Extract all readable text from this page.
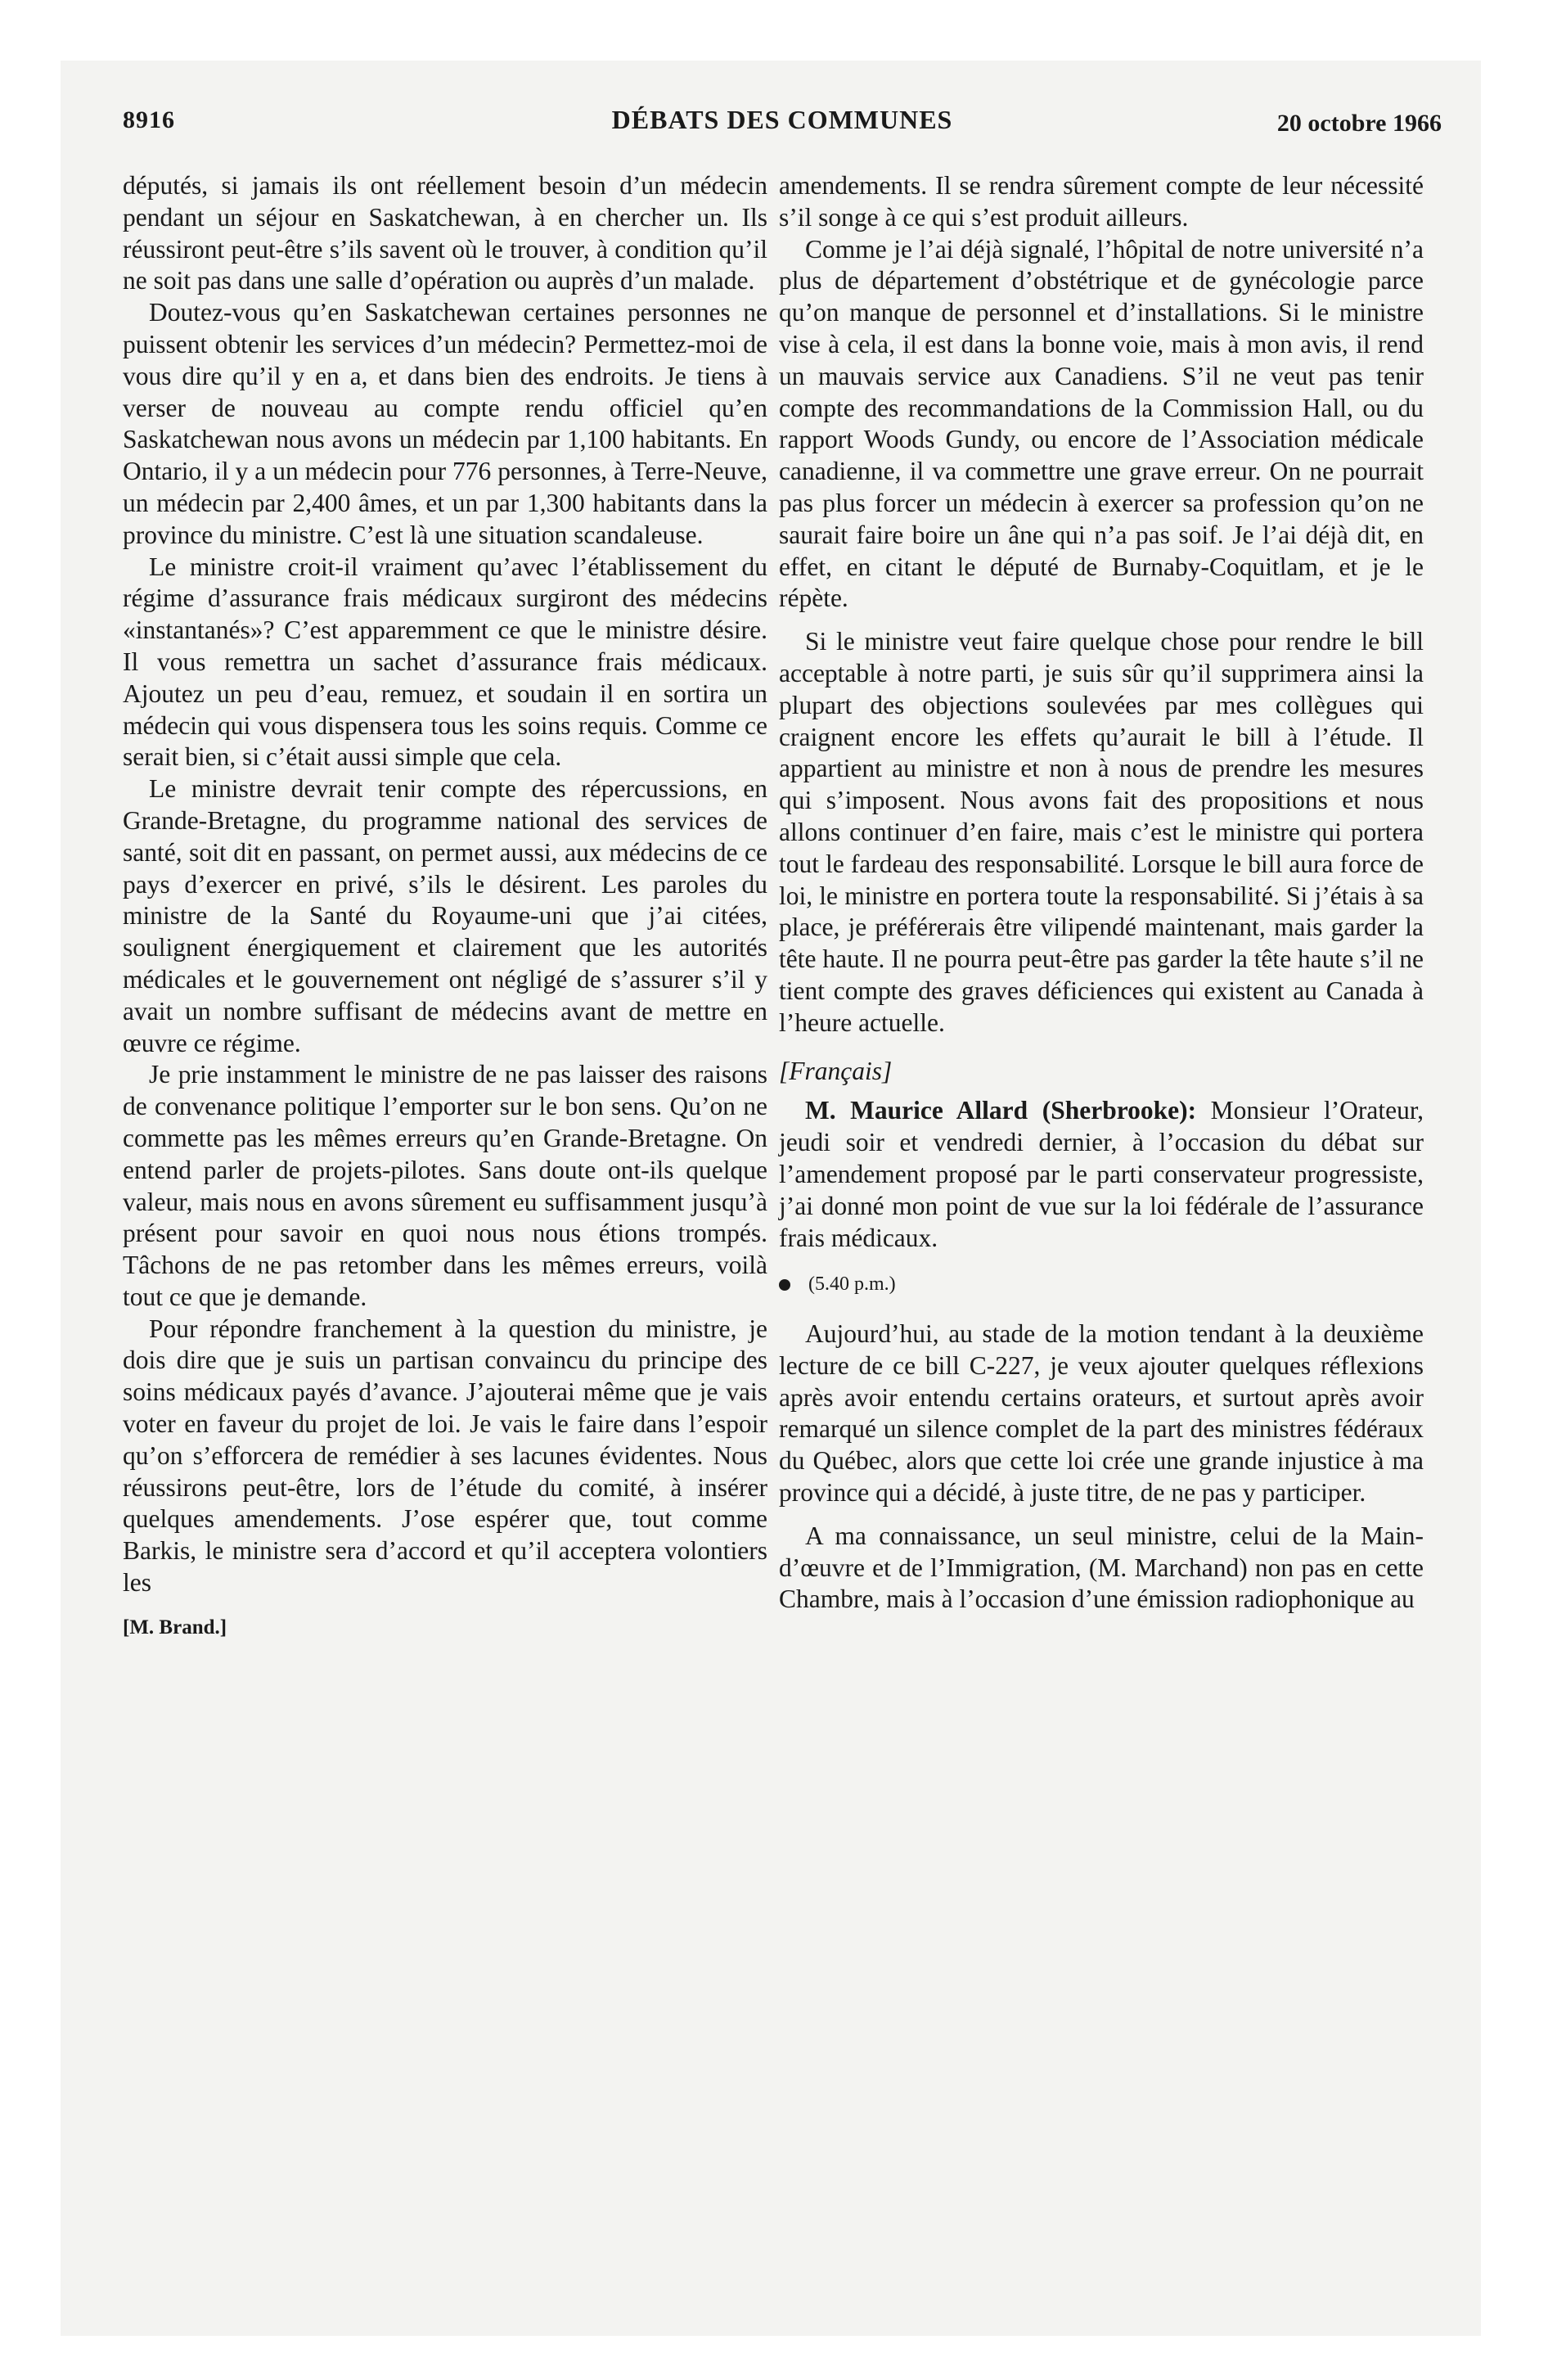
8916	DÉBATS DES COMMUNES	20 octobre 1966

députés, si jamais ils ont réellement besoin d’un médecin pendant un séjour en Saskatchewan, à en chercher un. Ils réussiront peut-être s’ils savent où le trouver, à condition qu’il ne soit pas dans une salle d’opération ou auprès d’un malade.

Doutez-vous qu’en Saskatchewan certaines personnes ne puissent obtenir les services d’un médecin? Permettez-moi de vous dire qu’il y en a, et dans bien des endroits. Je tiens à verser de nouveau au compte rendu officiel qu’en Saskatchewan nous avons un médecin par 1,100 habitants. En Ontario, il y a un médecin pour 776 personnes, à Terre-Neuve, un médecin par 2,400 âmes, et un par 1,300 habitants dans la province du ministre. C’est là une situation scandaleuse.

Le ministre croit-il vraiment qu’avec l’établissement du régime d’assurance frais médicaux surgiront des médecins «instantanés»? C’est apparemment ce que le ministre désire. Il vous remettra un sachet d’assurance frais médicaux. Ajoutez un peu d’eau, remuez, et soudain il en sortira un médecin qui vous dispensera tous les soins requis. Comme ce serait bien, si c’était aussi simple que cela.

Le ministre devrait tenir compte des répercussions, en Grande-Bretagne, du programme national des services de santé, soit dit en passant, on permet aussi, aux médecins de ce pays d’exercer en privé, s’ils le désirent. Les paroles du ministre de la Santé du Royaume-uni que j’ai citées, soulignent énergiquement et clairement que les autorités médicales et le gouvernement ont négligé de s’assurer s’il y avait un nombre suffisant de médecins avant de mettre en œuvre ce régime.

Je prie instamment le ministre de ne pas laisser des raisons de convenance politique l’emporter sur le bon sens. Qu’on ne commette pas les mêmes erreurs qu’en Grande-Bretagne. On entend parler de projets-pilotes. Sans doute ont-ils quelque valeur, mais nous en avons sûrement eu suffisamment jusqu’à présent pour savoir en quoi nous nous étions trompés. Tâchons de ne pas retomber dans les mêmes erreurs, voilà tout ce que je demande.

Pour répondre franchement à la question du ministre, je dois dire que je suis un partisan convaincu du principe des soins médicaux payés d’avance. J’ajouterai même que je vais voter en faveur du projet de loi. Je vais le faire dans l’espoir qu’on s’efforcera de remédier à ses lacunes évidentes. Nous réussirons peut-être, lors de l’étude du comité, à insérer quelques amendements. J’ose espérer que, tout comme Barkis, le ministre sera d’accord et qu’il acceptera volontiers les

[M. Brand.]

amendements. Il se rendra sûrement compte de leur nécessité s’il songe à ce qui s’est produit ailleurs.

Comme je l’ai déjà signalé, l’hôpital de notre université n’a plus de département d’obstétrique et de gynécologie parce qu’on manque de personnel et d’installations. Si le ministre vise à cela, il est dans la bonne voie, mais à mon avis, il rend un mauvais service aux Canadiens. S’il ne veut pas tenir compte des recommandations de la Commission Hall, ou du rapport Woods Gundy, ou encore de l’Association médicale canadienne, il va commettre une grave erreur. On ne pourrait pas plus forcer un médecin à exercer sa profession qu’on ne saurait faire boire un âne qui n’a pas soif. Je l’ai déjà dit, en effet, en citant le député de Burnaby-Coquitlam, et je le répète.

Si le ministre veut faire quelque chose pour rendre le bill acceptable à notre parti, je suis sûr qu’il supprimera ainsi la plupart des objections soulevées par mes collègues qui craignent encore les effets qu’aurait le bill à l’étude. Il appartient au ministre et non à nous de prendre les mesures qui s’imposent. Nous avons fait des propositions et nous allons continuer d’en faire, mais c’est le ministre qui portera tout le fardeau des responsabilité. Lorsque le bill aura force de loi, le ministre en portera toute la responsabilité. Si j’étais à sa place, je préférerais être vilipendé maintenant, mais garder la tête haute. Il ne pourra peut-être pas garder la tête haute s’il ne tient compte des graves déficiences qui existent au Canada à l’heure actuelle.

[Français]

M. Maurice Allard (Sherbrooke): Monsieur l’Orateur, jeudi soir et vendredi dernier, à l’occasion du débat sur l’amendement proposé par le parti conservateur progressiste, j’ai donné mon point de vue sur la loi fédérale de l’assurance frais médicaux.

(5.40 p.m.)

Aujourd’hui, au stade de la motion tendant à la deuxième lecture de ce bill C-227, je veux ajouter quelques réflexions après avoir entendu certains orateurs, et surtout après avoir remarqué un silence complet de la part des ministres fédéraux du Québec, alors que cette loi crée une grande injustice à ma province qui a décidé, à juste titre, de ne pas y participer.

A ma connaissance, un seul ministre, celui de la Main-d’œuvre et de l’Immigration, (M. Marchand) non pas en cette Chambre, mais à l’occasion d’une émission radiophonique au
